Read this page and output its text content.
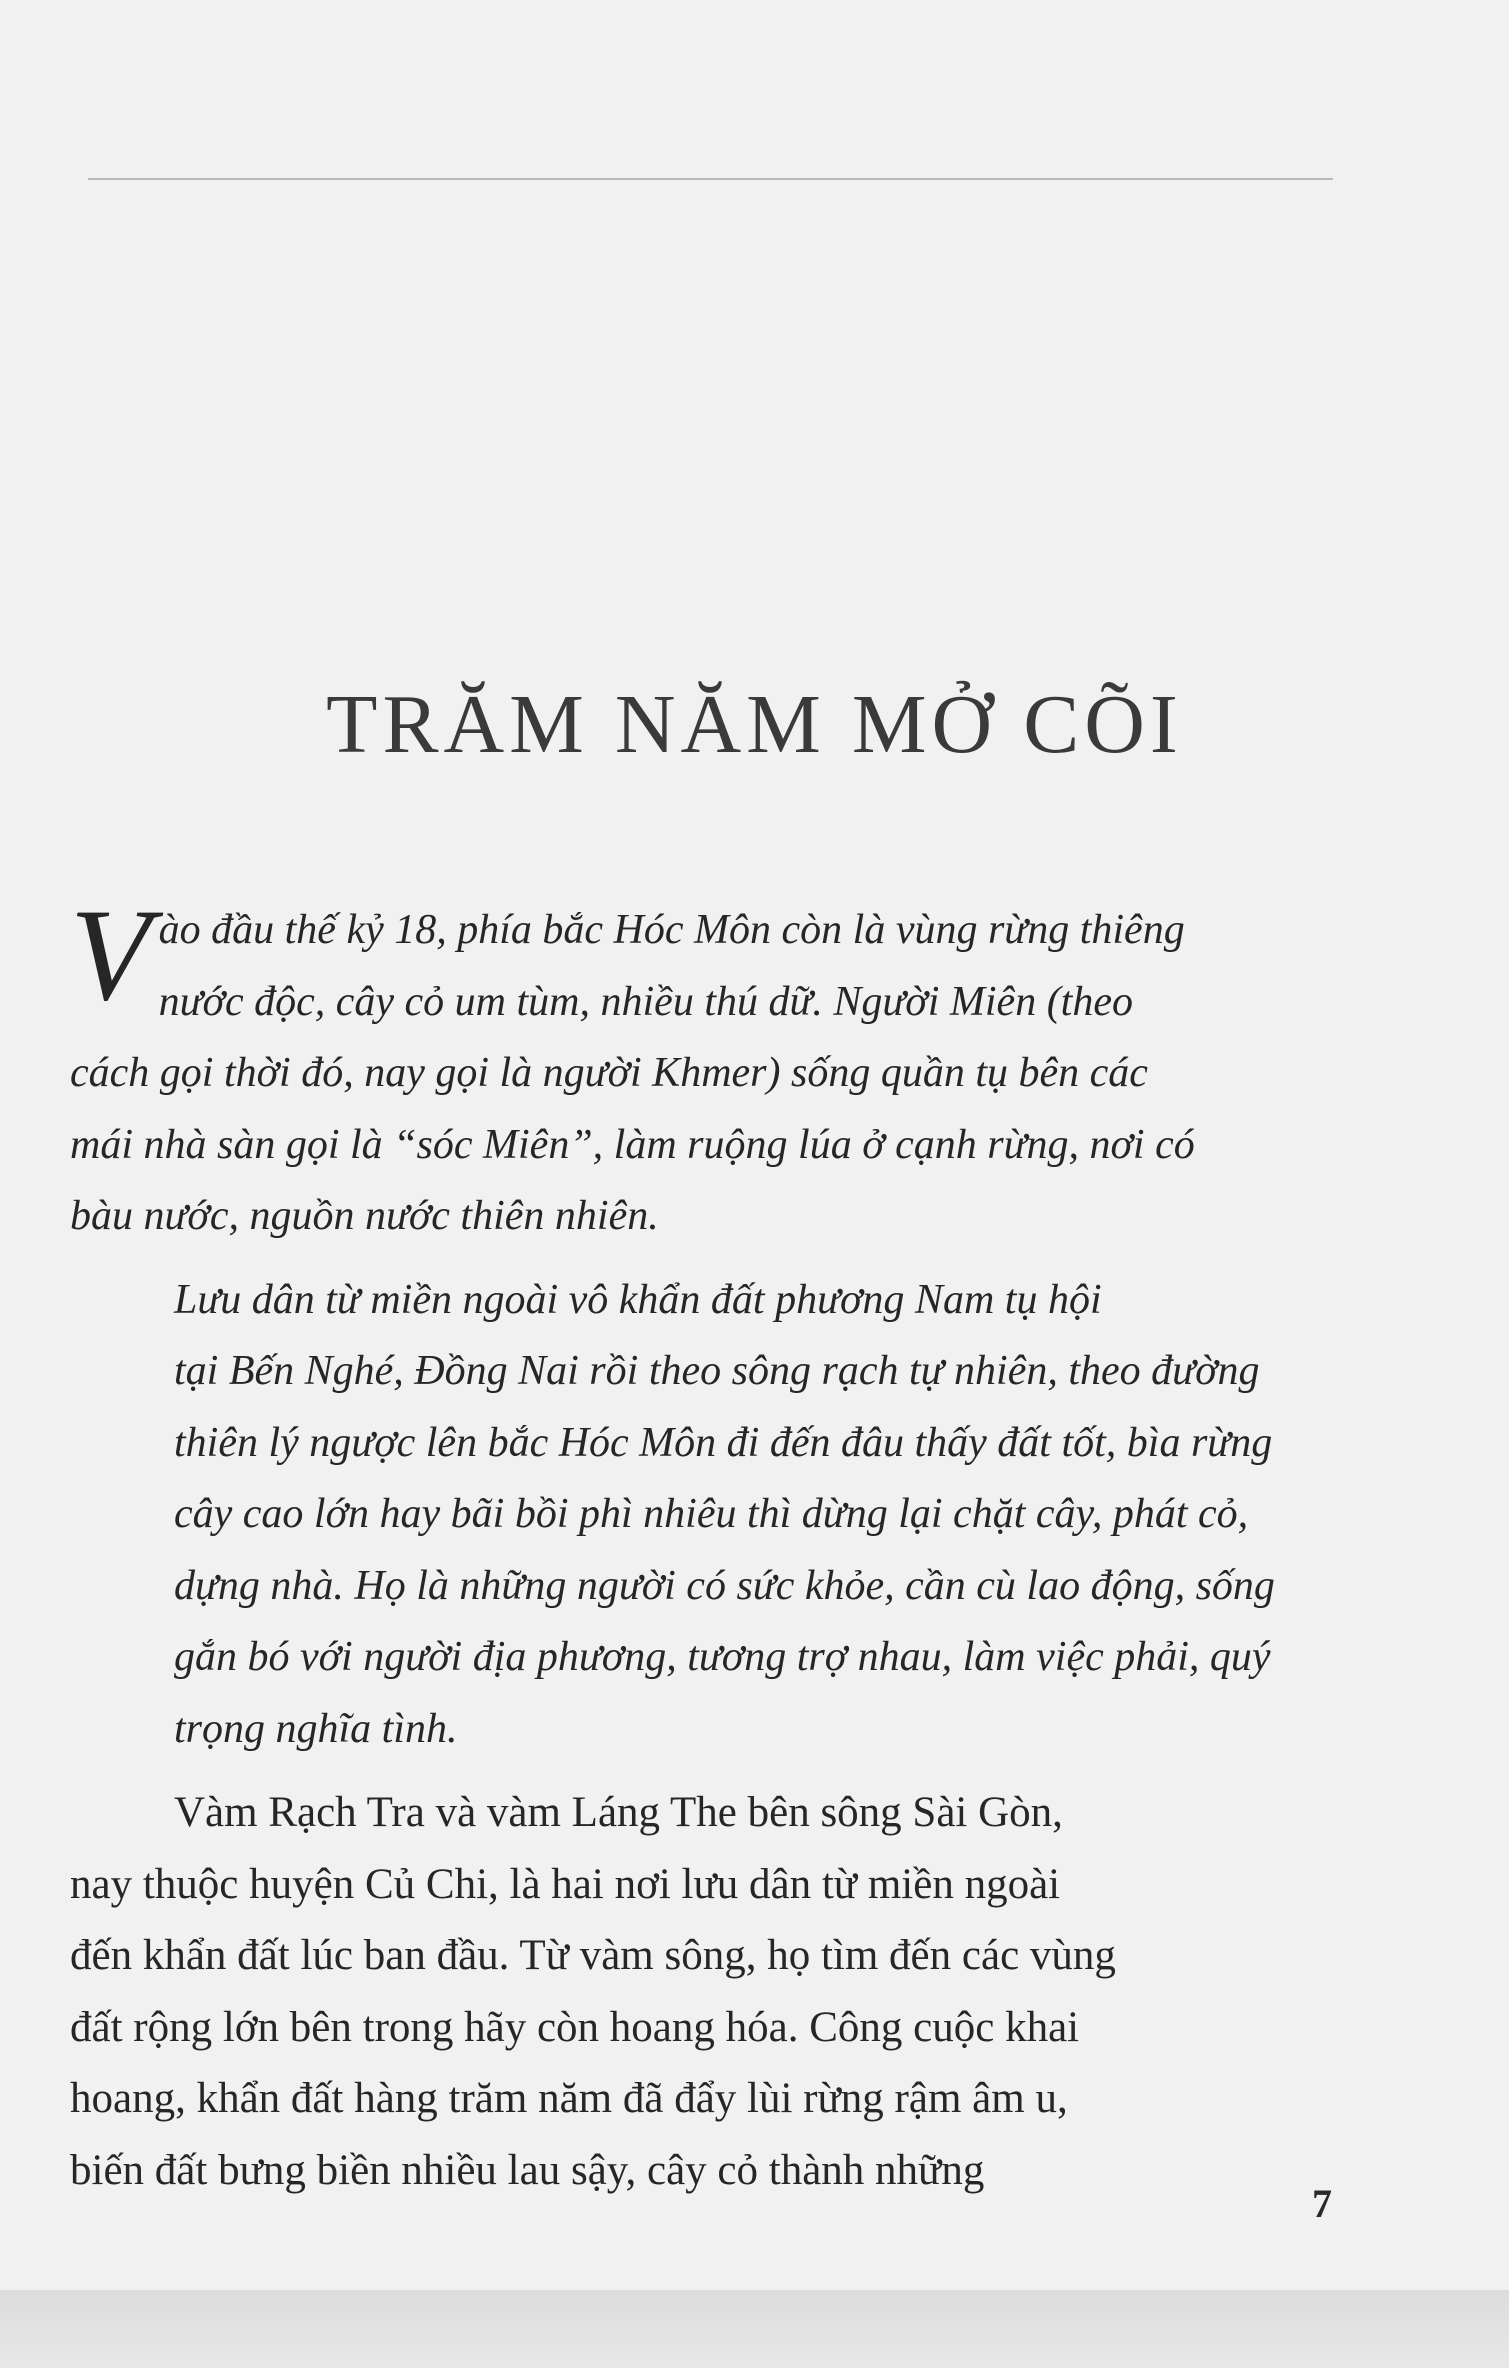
TRĂM NĂM MỞ CÕI

V ào đầu thế kỷ 18, phía bắc Hóc Môn còn là vùng rừng thiêng
nước độc, cây cỏ um tùm, nhiều thú dữ. Người Miên (theo
cách gọi thời đó, nay gọi là người Khmer) sống quần tụ bên các
mái nhà sàn gọi là “sóc Miên”, làm ruộng lúa ở cạnh rừng, nơi có
bàu nước, nguồn nước thiên nhiên.

Lưu dân từ miền ngoài vô khẩn đất phương Nam tụ hội
tại Bến Nghé, Đồng Nai rồi theo sông rạch tự nhiên, theo đường
thiên lý ngược lên bắc Hóc Môn đi đến đâu thấy đất tốt, bìa rừng
cây cao lớn hay bãi bồi phì nhiêu thì dừng lại chặt cây, phát cỏ,
dựng nhà. Họ là những người có sức khỏe, cần cù lao động, sống
gắn bó với người địa phương, tương trợ nhau, làm việc phải, quý
trọng nghĩa tình.

Vàm Rạch Tra và vàm Láng The bên sông Sài Gòn,
nay thuộc huyện Củ Chi, là hai nơi lưu dân từ miền ngoài
đến khẩn đất lúc ban đầu. Từ vàm sông, họ tìm đến các vùng
đất rộng lớn bên trong hãy còn hoang hóa. Công cuộc khai
hoang, khẩn đất hàng trăm năm đã đẩy lùi rừng rậm âm u,
biến đất bưng biền nhiều lau sậy, cây cỏ thành những

7
